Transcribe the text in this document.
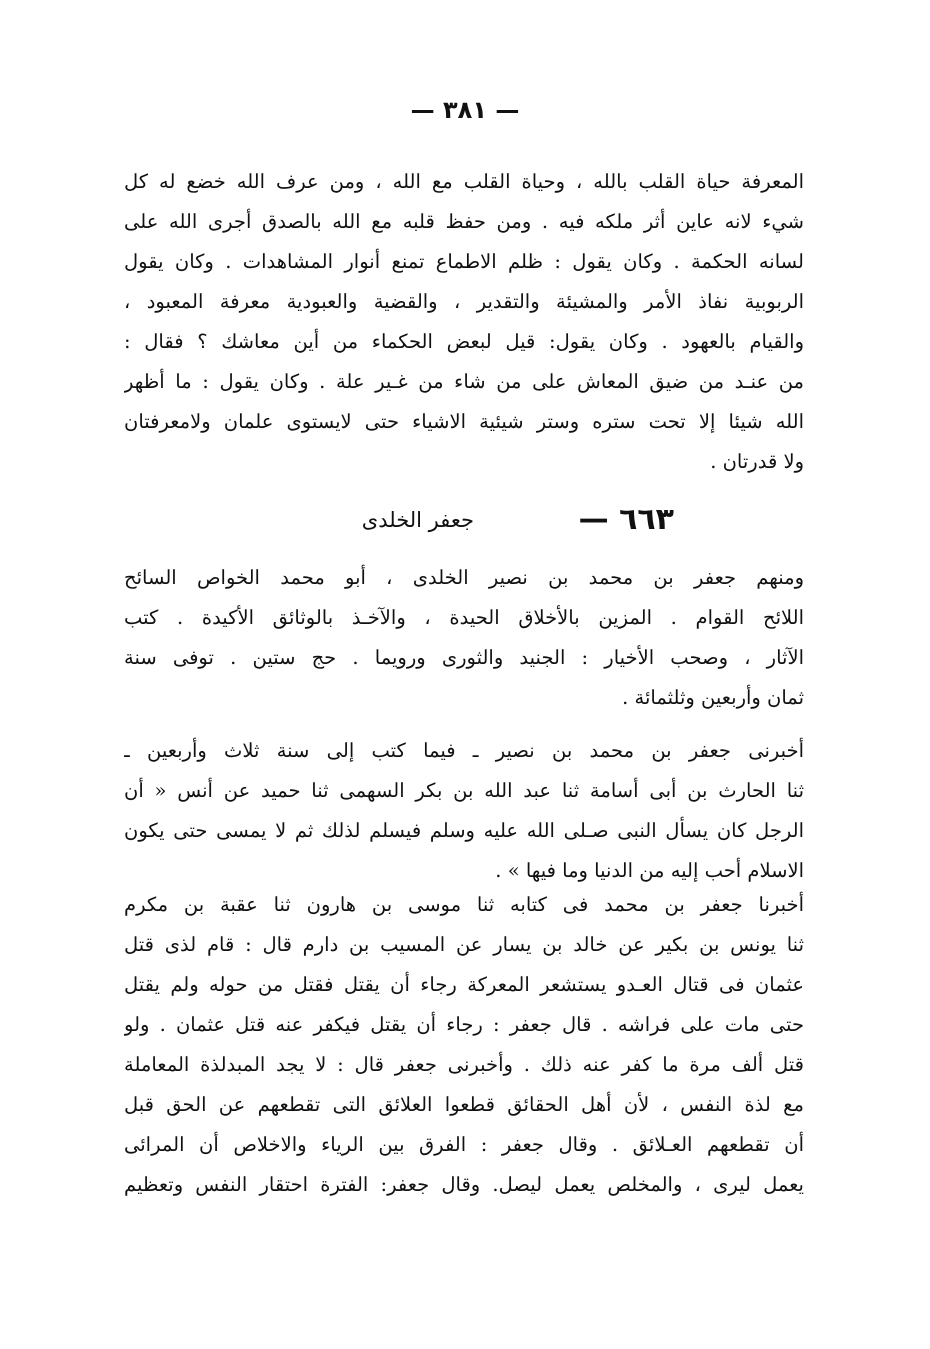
— ٣٨١ —
المعرفة حياة القلب بالله ، وحياة القلب مع الله ، ومن عرف الله خضع له كل
شيء لانه عاين أثر ملكه فيه . ومن حفظ قلبه مع الله بالصدق أجرى الله على
لسانه الحكمة . وكان يقول : ظلم الاطماع تمنع أنوار المشاهدات . وكان يقول
الربوبية نفاذ الأمر والمشيئة والتقدير ، والقضية والعبودية معرفة المعبود ،
والقيام بالعهود . وكان يقول: قيل لبعض الحكماء من أين معاشك ؟ فقال :
من عنـد من ضيق المعاش على من شاء من غـير علة . وكان يقول : ما أظهر
الله شيئا إلا تحت ستره وستر شيئية الاشياء حتى لايستوى علمان ولامعرفتان
ولا قدرتان .
٦٦٣ —
جعفر الخلدى
ومنهم جعفر بن محمد بن نصير الخلدى ، أبو محمد الخواص السائح
اللائح القوام . المزين بالأخلاق الحيدة ، والآخـذ بالوثائق الأكيدة . كتب
الآثار ، وصحب الأخيار : الجنيد والثورى ورويما . حج ستين . توفى سنة
ثمان وأربعين وثلثمائة .
أخبرنى جعفر بن محمد بن نصير ـ فيما كتب إلى سنة ثلاث وأربعين ـ
ثنا الحارث بن أبى أسامة ثنا عبد الله بن بكر السهمى ثنا حميد عن أنس « أن
الرجل كان يسأل النبى صـلى الله عليه وسلم فيسلم لذلك ثم لا يمسى حتى يكون
الاسلام أحب إليه من الدنيا وما فيها » .
أخبرنا جعفر بن محمد فى كتابه ثنا موسى بن هارون ثنا عقبة بن مكرم
ثنا يونس بن بكير عن خالد بن يسار عن المسيب بن دارم قال : قام لذى قتل
عثمان فى قتال العـدو يستشعر المعركة رجاء أن يقتل فقتل من حوله ولم يقتل
حتى مات على فراشه . قال جعفر : رجاء أن يقتل فيكفر عنه قتل عثمان . ولو
قتل ألف مرة ما كفر عنه ذلك . وأخبرنى جعفر قال : لا يجد المبدلذة المعاملة
مع لذة النفس ، لأن أهل الحقائق قطعوا العلائق التى تقطعهم عن الحق قبل
أن تقطعهم العـلائق . وقال جعفر : الفرق بين الرياء والاخلاص أن المرائى
يعمل ليرى ، والمخلص يعمل ليصل. وقال جعفر: الفترة احتقار النفس وتعظيم
